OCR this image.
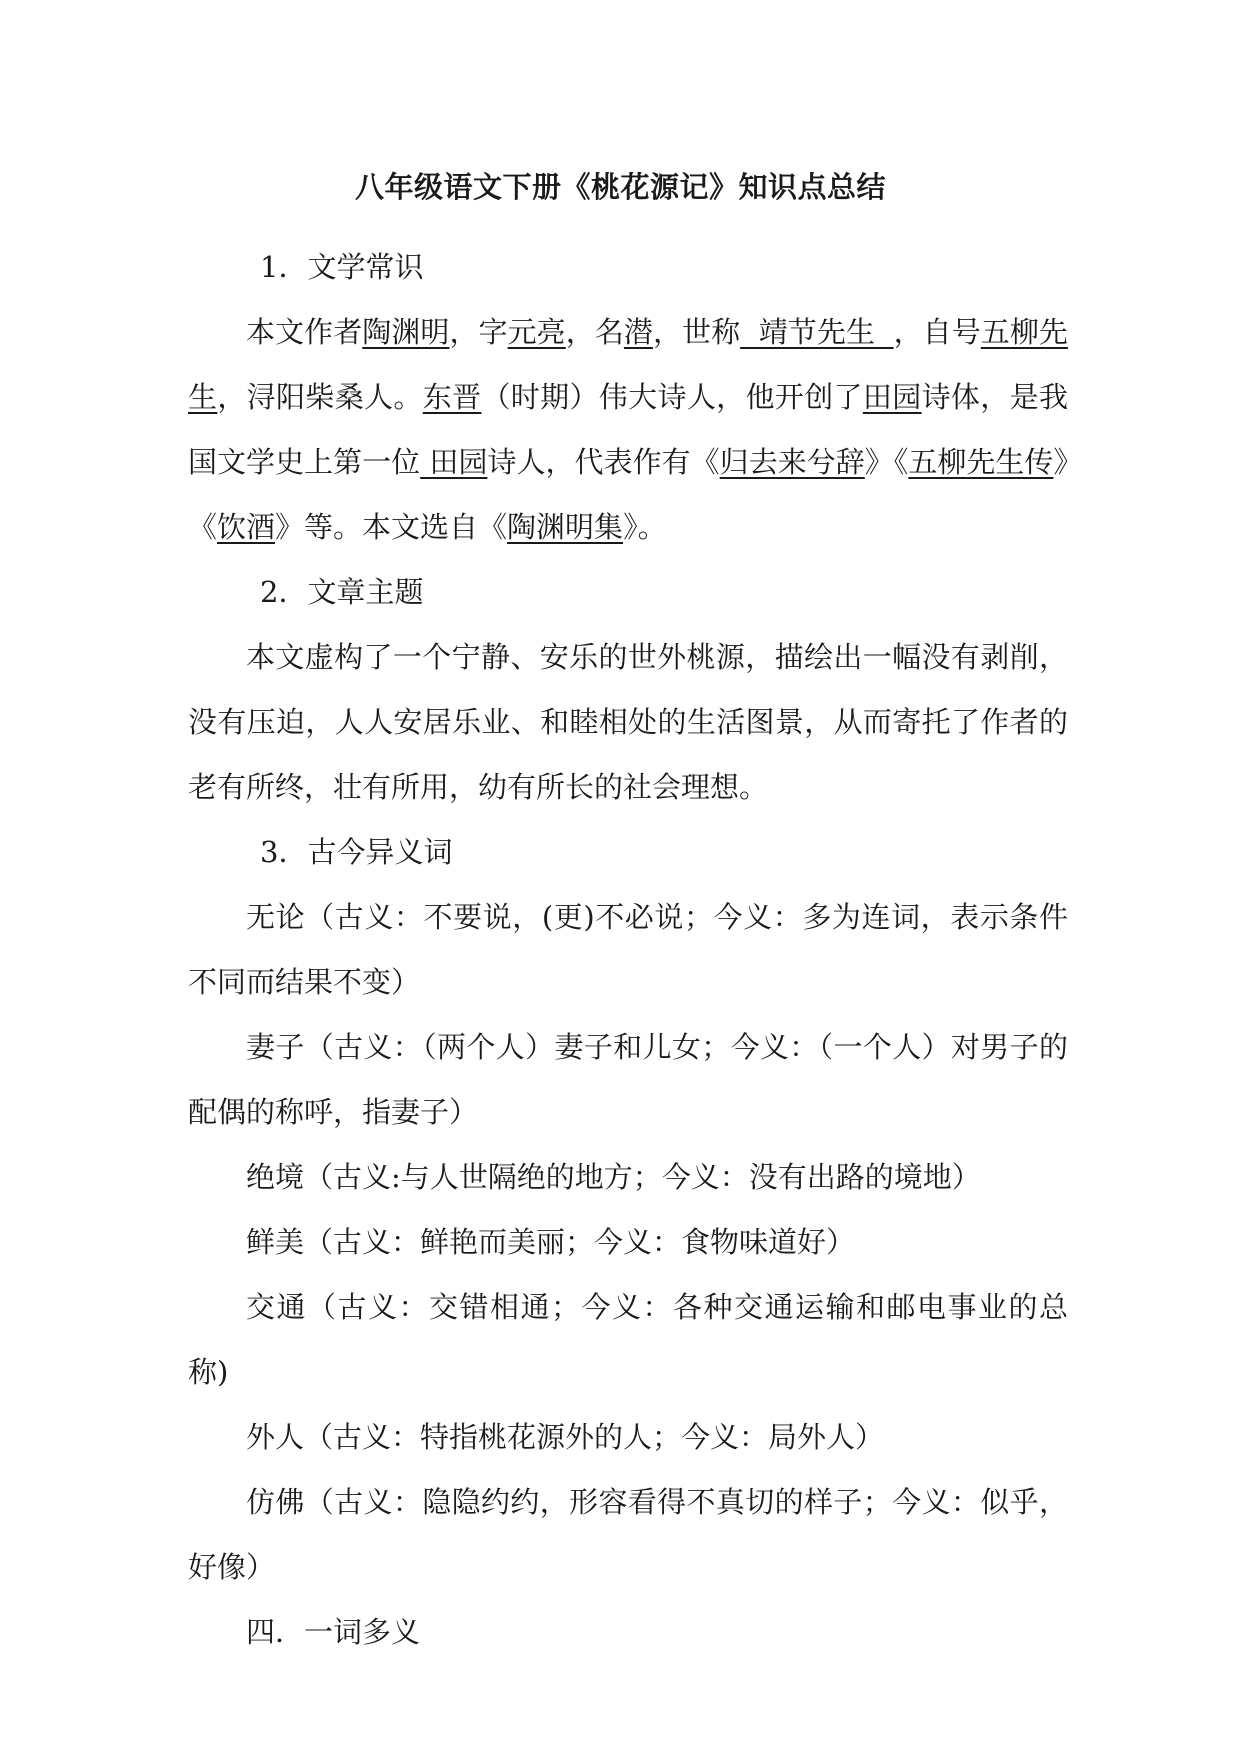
八年级语文下册《桃花源记》知识点总结

1．文学常识

本文作者陶渊明，字元亮，名潜，世称  靖节先生  ，自号五柳先生，浔阳柴桑人。东晋（时期）伟大诗人，他开创了田园诗体，是我国文学史上第一位 田园诗人，代表作有《归去来兮辞》《五柳先生传》《饮酒》等。本文选自《陶渊明集》。

2．文章主题

本文虚构了一个宁静、安乐的世外桃源，描绘出一幅没有剥削，没有压迫，人人安居乐业、和睦相处的生活图景，从而寄托了作者的老有所终，壮有所用，幼有所长的社会理想。

3．古今异义词

无论（古义：不要说，(更)不必说；今义：多为连词，表示条件不同而结果不变）

妻子（古义：（两个人）妻子和儿女；今义：（一个人）对男子的配偶的称呼，指妻子）

绝境（古义:与人世隔绝的地方；今义：没有出路的境地）

鲜美（古义：鲜艳而美丽；今义：食物味道好）

交通（古义：交错相通；今义：各种交通运输和邮电事业的总称)

外人（古义：特指桃花源外的人；今义：局外人）

仿佛（古义：隐隐约约，形容看得不真切的样子；今义：似乎，好像）

四．一词多义
